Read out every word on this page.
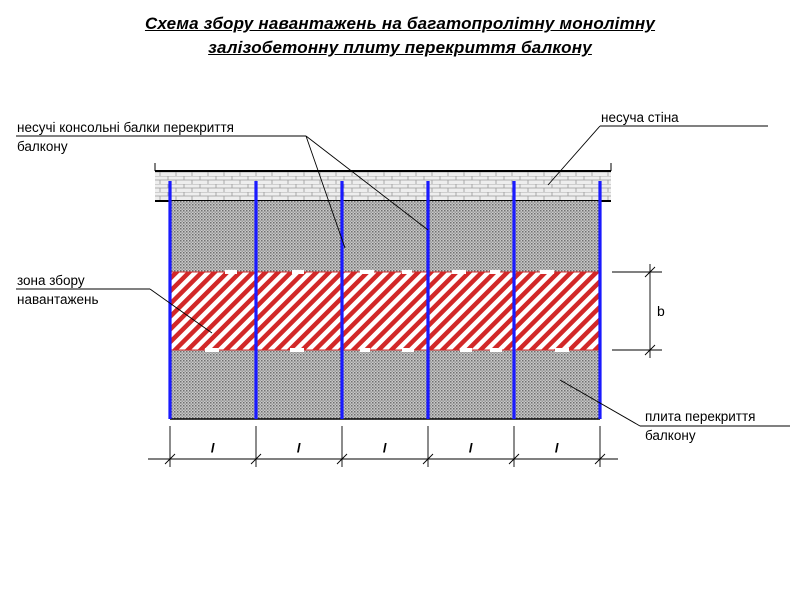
Схема збору навантажень на багатопролітну монолітну
залізобетонну плиту перекриття балкону
b
l	l	l	l	l
несучі консольні балки перекриття
балкону
несуча стіна
зона збору
навантажень
плита перекриття
балкону
